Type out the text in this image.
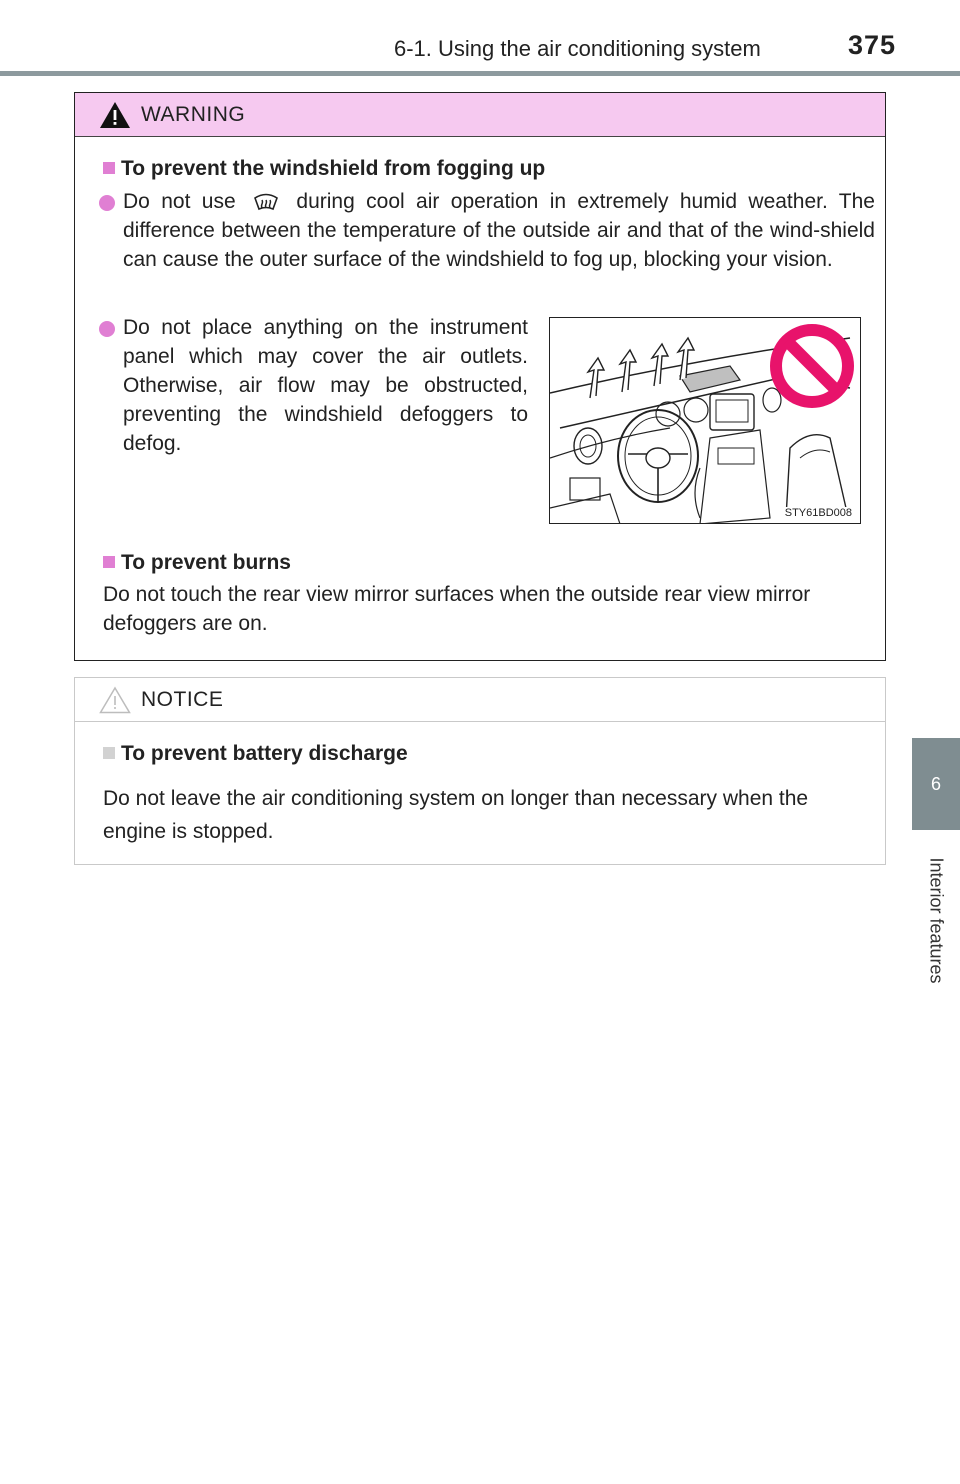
6-1. Using the air conditioning system	375
6
Interior features
WARNING
To prevent the windshield from fogging up
Do not use	during cool air operation in extremely humid weather. The difference between the temperature of the outside air and that of the wind-shield can cause the outer surface of the windshield to fog up, blocking your vision.
Do not place anything on the instrument panel which may cover the air outlets. Otherwise, air flow may be obstructed, preventing the windshield defoggers to defog.
STY61BD008
To prevent burns
Do not touch the rear view mirror surfaces when the outside rear view mirror defoggers are on.
NOTICE
To prevent battery discharge
Do not leave the air conditioning system on longer than necessary when the engine is stopped.
